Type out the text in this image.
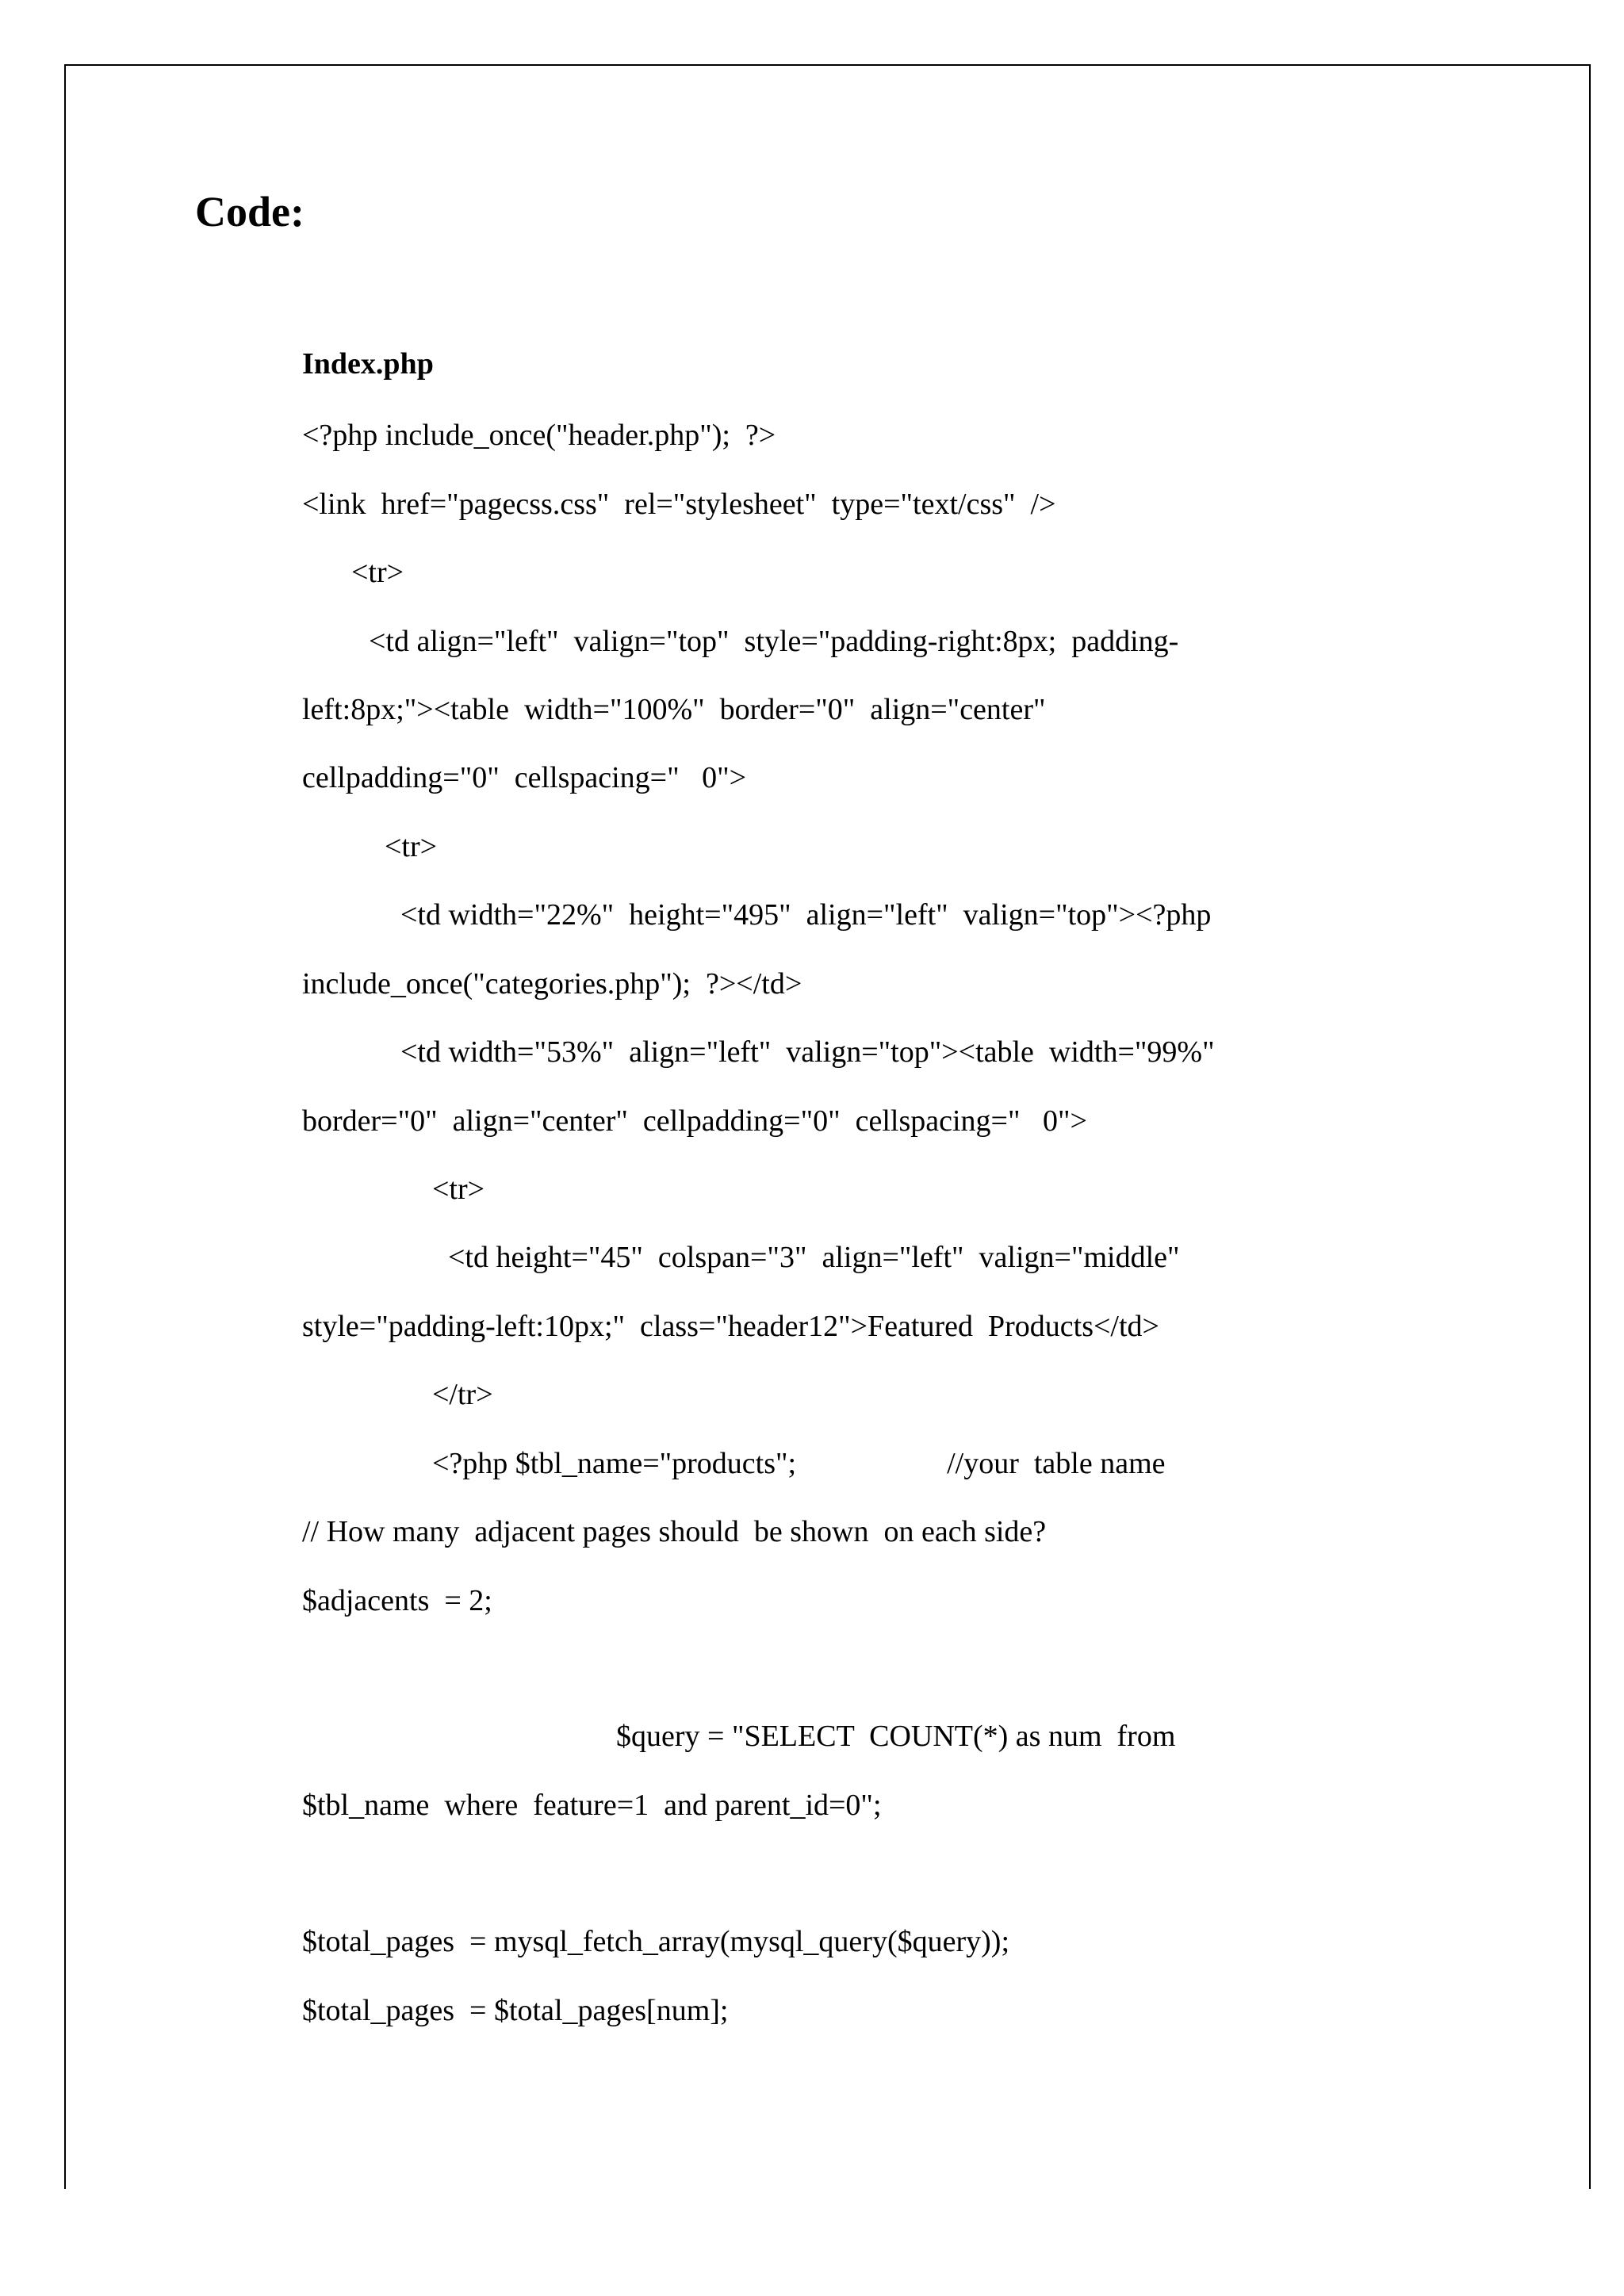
Code:
Index.php
<?php include_once("header.php");  ?>
<link  href="pagecss.css"  rel="stylesheet"  type="text/css"  />
<tr>
<td align="left"  valign="top"  style="padding-right:8px;  padding-
left:8px;"><table  width="100%"  border="0"  align="center"
cellpadding="0"  cellspacing="   0">
<tr>
<td width="22%"  height="495"  align="left"  valign="top"><?php
include_once("categories.php");  ?></td>
<td width="53%"  align="left"  valign="top"><table  width="99%"
border="0"  align="center"  cellpadding="0"  cellspacing="   0">
<tr>
<td height="45"  colspan="3"  align="left"  valign="middle"
style="padding-left:10px;"  class="header12">Featured  Products</td>
</tr>
<?php $tbl_name="products";                    //your  table name
// How many  adjacent pages should  be shown  on each side?
$adjacents  = 2;
$query = "SELECT  COUNT(*) as num  from
$tbl_name  where  feature=1  and parent_id=0";
$total_pages  = mysql_fetch_array(mysql_query($query));
$total_pages  = $total_pages[num];
